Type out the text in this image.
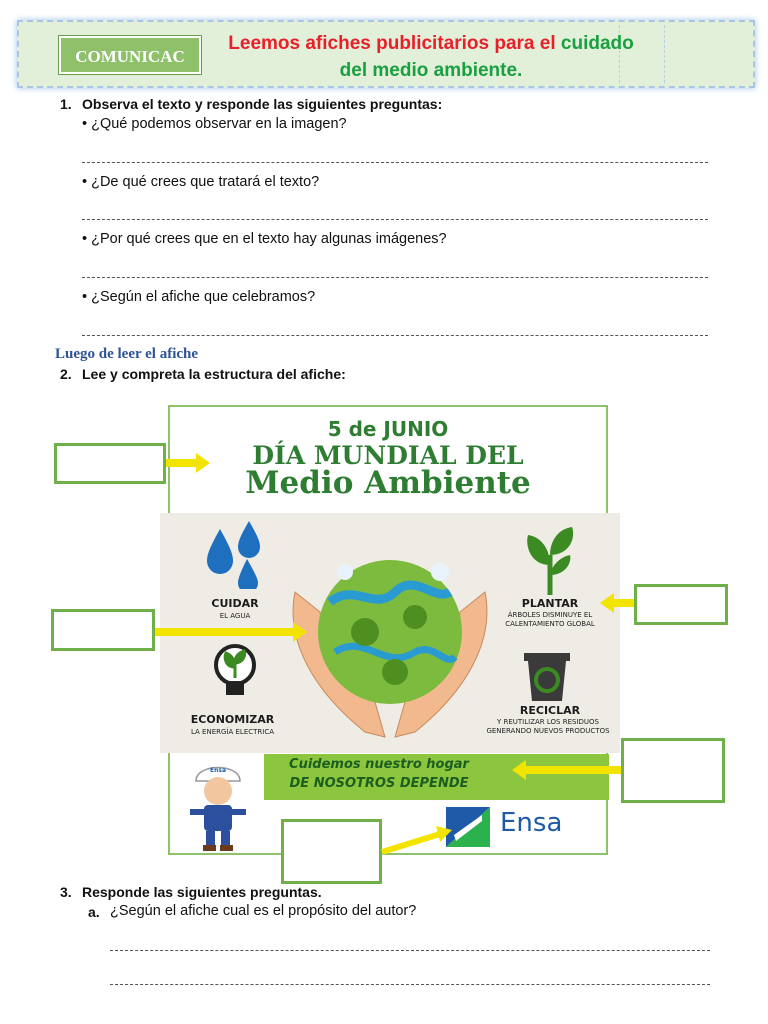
COMUNICAC
Leemos afiches publicitarios para el cuidado
del medio ambiente.
1. Observa el texto y responde las siguientes preguntas:
• ¿Qué podemos observar en la imagen?
• ¿De qué crees que tratará el texto?
• ¿Por qué crees que en el texto hay algunas imágenes?
• ¿Según el afiche que celebramos?
Luego de leer el afiche
2. Lee y compreta la estructura del afiche:
5 de JUNIO
DÍA MUNDIAL DEL
Medio Ambiente
CUIDAR
EL AGUA
PLANTAR
ÁRBOLES DISMINUYE EL
CALENTAMIENTO GLOBAL
ECONOMIZAR
LA ENERGÍA ELECTRICA
RECICLAR
Y REUTILIZAR LOS RESIDUOS
GENERANDO NUEVOS PRODUCTOS
Cuidemos nuestro hogar
DE NOSOTROS DEPENDE
Ensa
Ensa
3. Responde las siguientes preguntas.
a. ¿Según el afiche cual es el propósito del autor?
